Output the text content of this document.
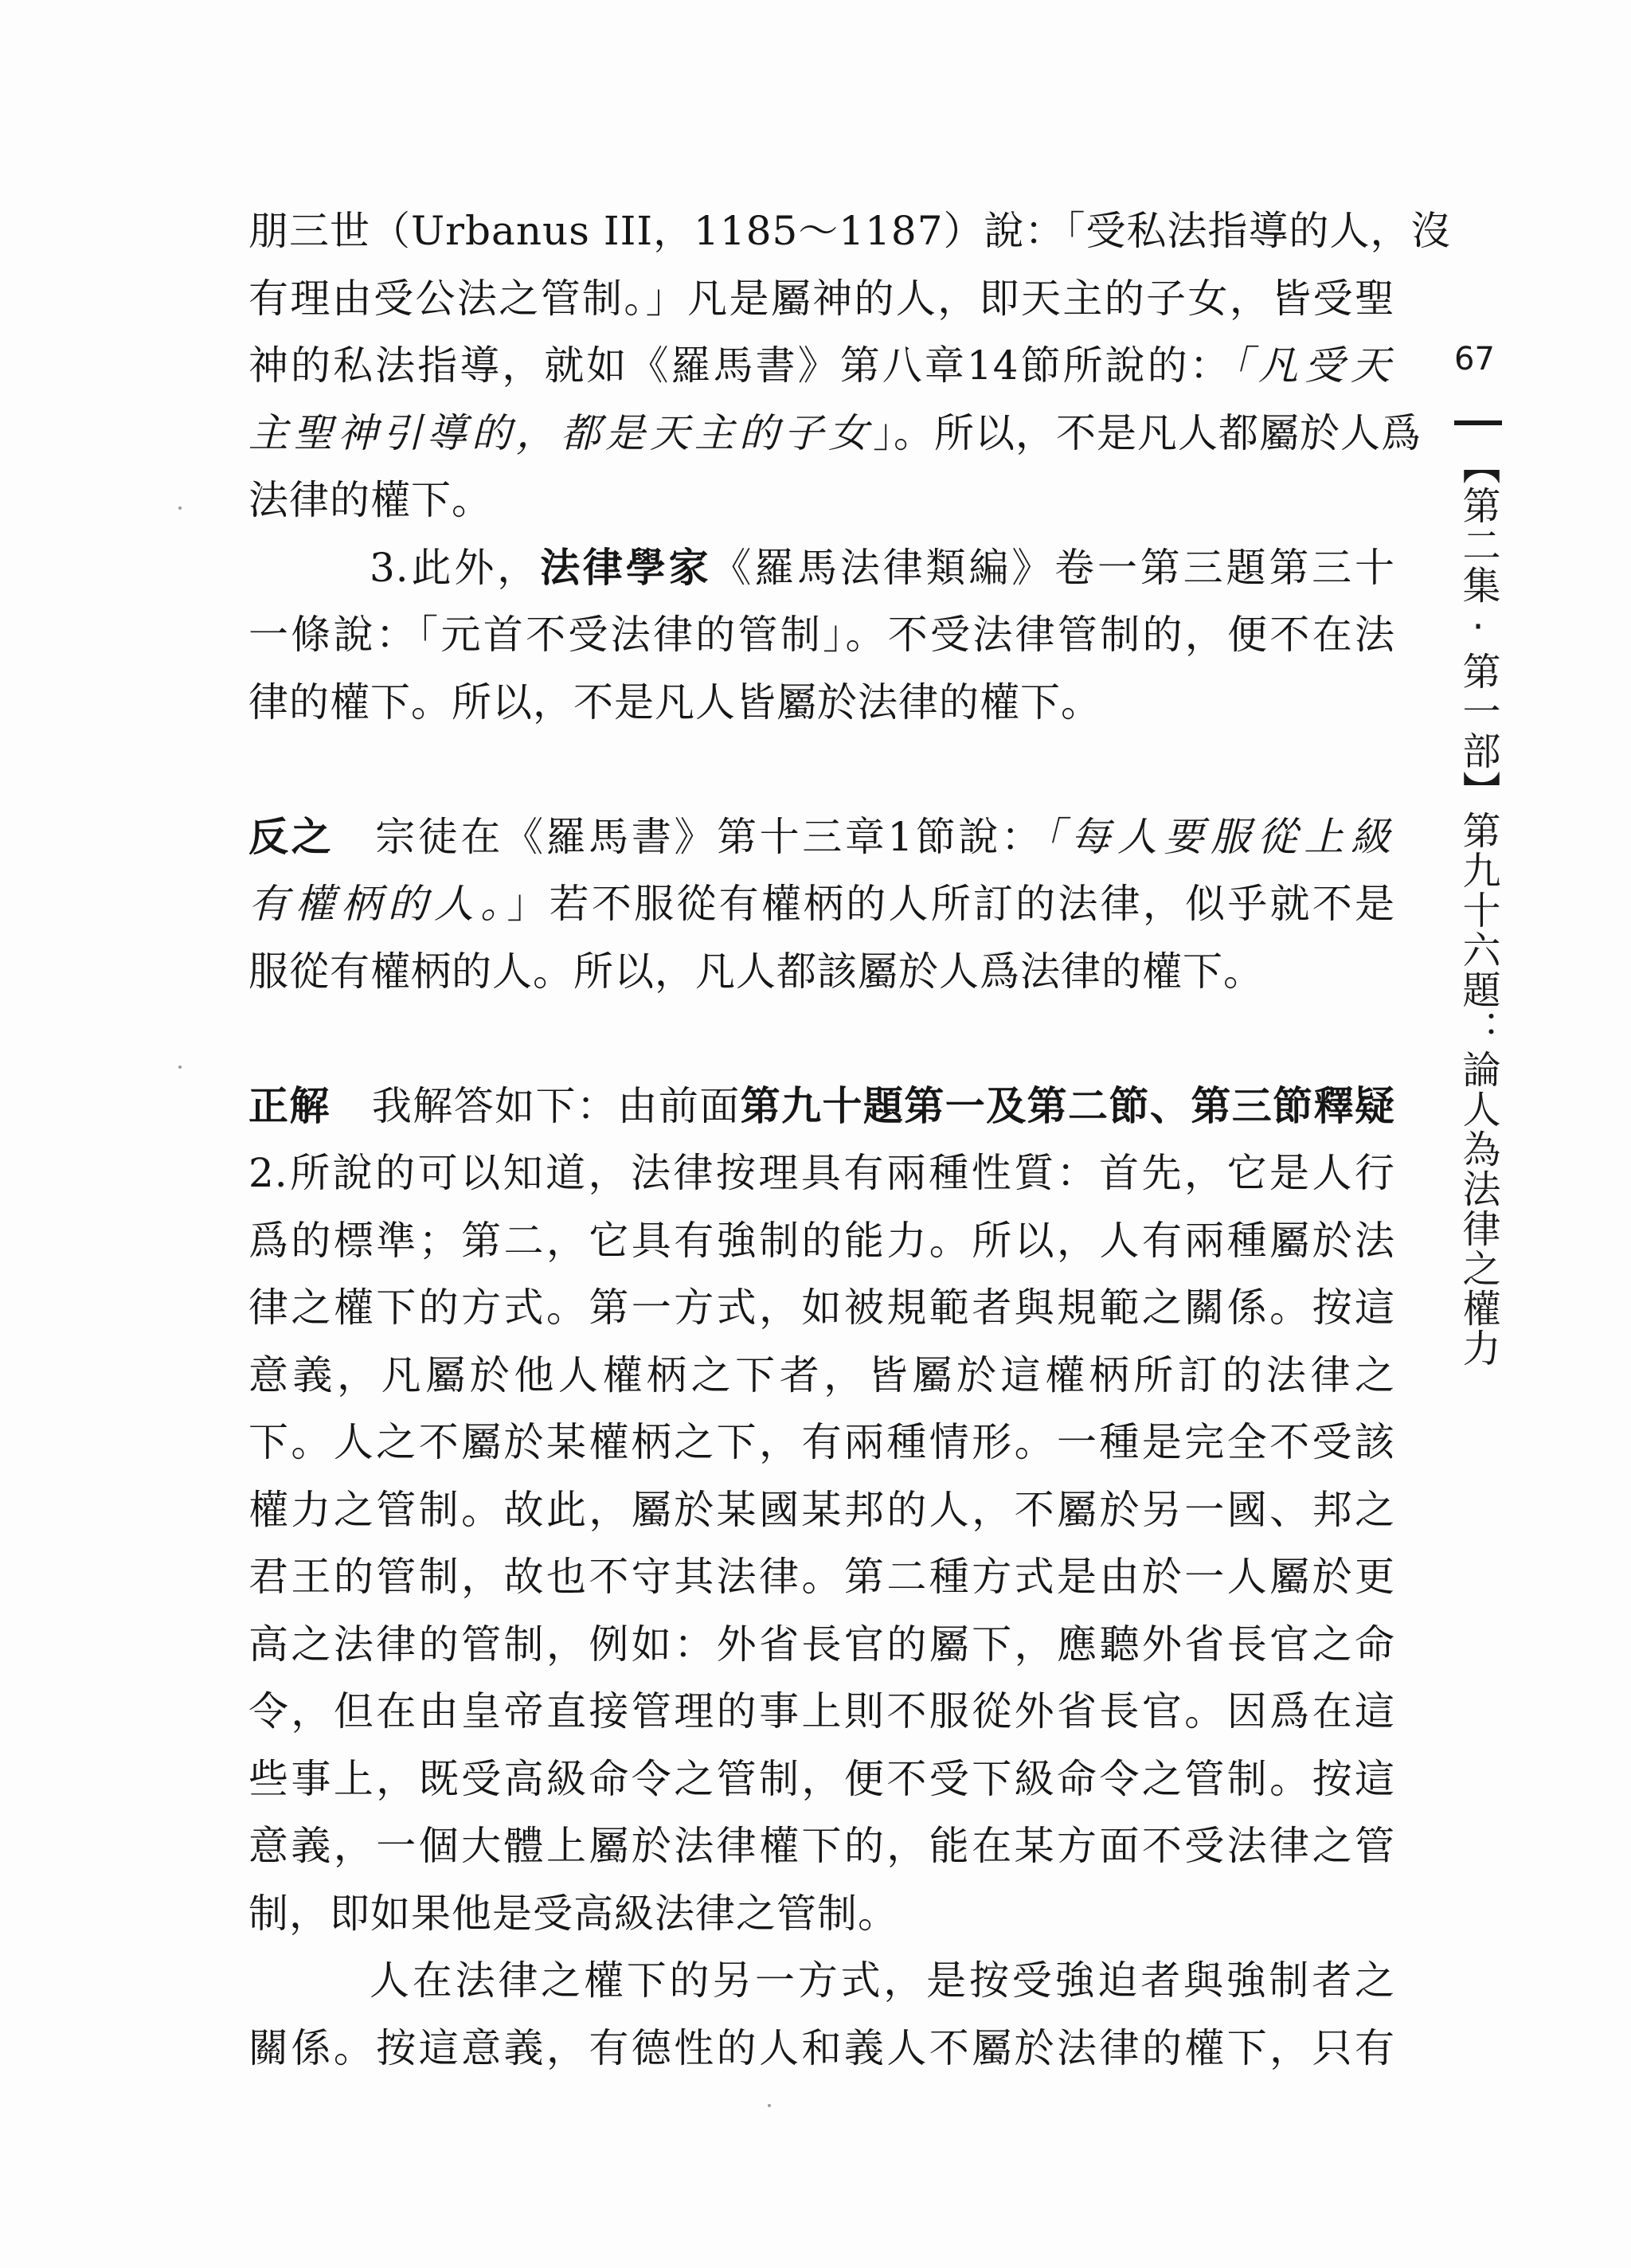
朋三世（Urbanus III，1185～1187）說：「受私法指導的人，沒
有理由受公法之管制。」凡是屬神的人，即天主的子女，皆受聖
神的私法指導，就如《羅馬書》第八章14節所說的：「凡受天
主聖神引導的，都是天主的子女」。所以，不是凡人都屬於人爲
法律的權下。
3.此外，法律學家《羅馬法律類編》卷一第三題第三十
一條說：「元首不受法律的管制」。不受法律管制的，便不在法
律的權下。所以，不是凡人皆屬於法律的權下。
反之 宗徒在《羅馬書》第十三章1節說：「每人要服從上級
有權柄的人。」若不服從有權柄的人所訂的法律，似乎就不是
服從有權柄的人。所以，凡人都該屬於人爲法律的權下。
正解 我解答如下：由前面第九十題第一及第二節、第三節釋疑
2.所說的可以知道，法律按理具有兩種性質：首先，它是人行
爲的標準；第二，它具有強制的能力。所以，人有兩種屬於法
律之權下的方式。第一方式，如被規範者與規範之關係。按這
意義，凡屬於他人權柄之下者，皆屬於這權柄所訂的法律之
下。人之不屬於某權柄之下，有兩種情形。一種是完全不受該
權力之管制。故此，屬於某國某邦的人，不屬於另一國、邦之
君王的管制，故也不守其法律。第二種方式是由於一人屬於更
高之法律的管制，例如：外省長官的屬下，應聽外省長官之命
令，但在由皇帝直接管理的事上則不服從外省長官。因爲在這
些事上，既受高級命令之管制，便不受下級命令之管制。按這
意義，一個大體上屬於法律權下的，能在某方面不受法律之管
制，即如果他是受高級法律之管制。
人在法律之權下的另一方式，是按受強迫者與強制者之
關係。按這意義，有德性的人和義人不屬於法律的權下，只有
67
【第二集‧第一部】第九十六題：論人為法律之權力
